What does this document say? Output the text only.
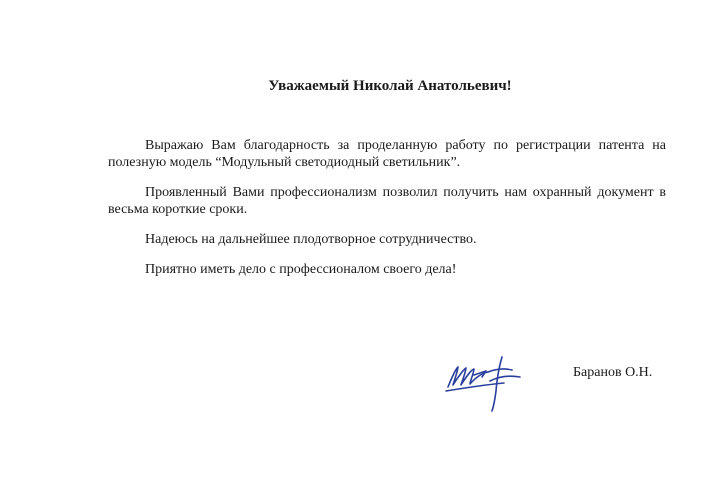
Уважаемый Николай Анатольевич!

Выражаю Вам благодарность за проделанную работу по регистрации патента на полезную модель “Модульный светодиодный светильник”.

Проявленный Вами профессионализм позволил получить нам охранный документ в весьма короткие сроки.

Надеюсь на дальнейшее плодотворное сотрудничество.

Приятно иметь дело с профессионалом своего дела!

Баранов О.Н.
